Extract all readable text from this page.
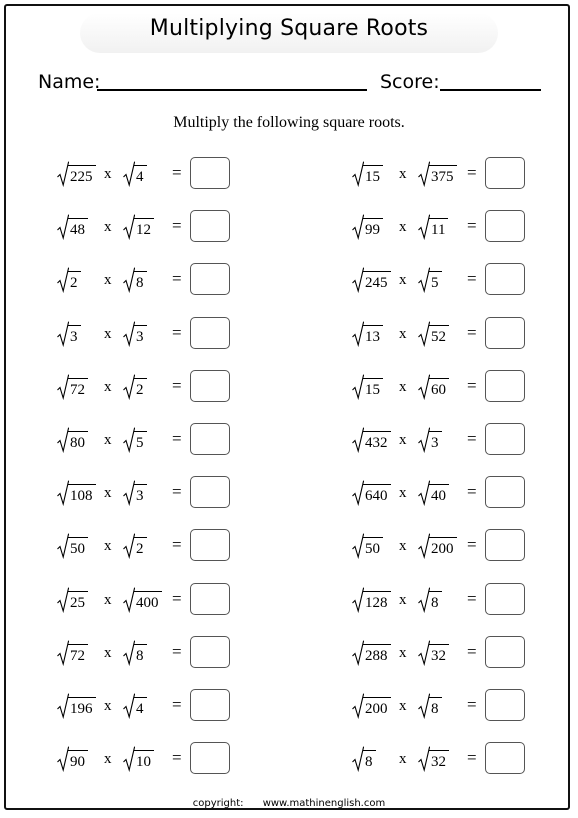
Multiplying Square Roots
Name:	Score:
Multiply the following square roots.
225 x 4 =
48 x 12 =
2 x 8 =
3 x 3 =
72 x 2 =
80 x 5 =
108 x 3 =
50 x 2 =
25 x 400 =
72 x 8 =
196 x 4 =
90 x 10 =
15 x 375 =
99 x 11 =
245 x 5 =
13 x 52 =
15 x 60 =
432 x 3 =
640 x 40 =
50 x 200 =
128 x 8 =
288 x 32 =
200 x 8 =
8 x 32 =
copyright: www.mathinenglish.com
